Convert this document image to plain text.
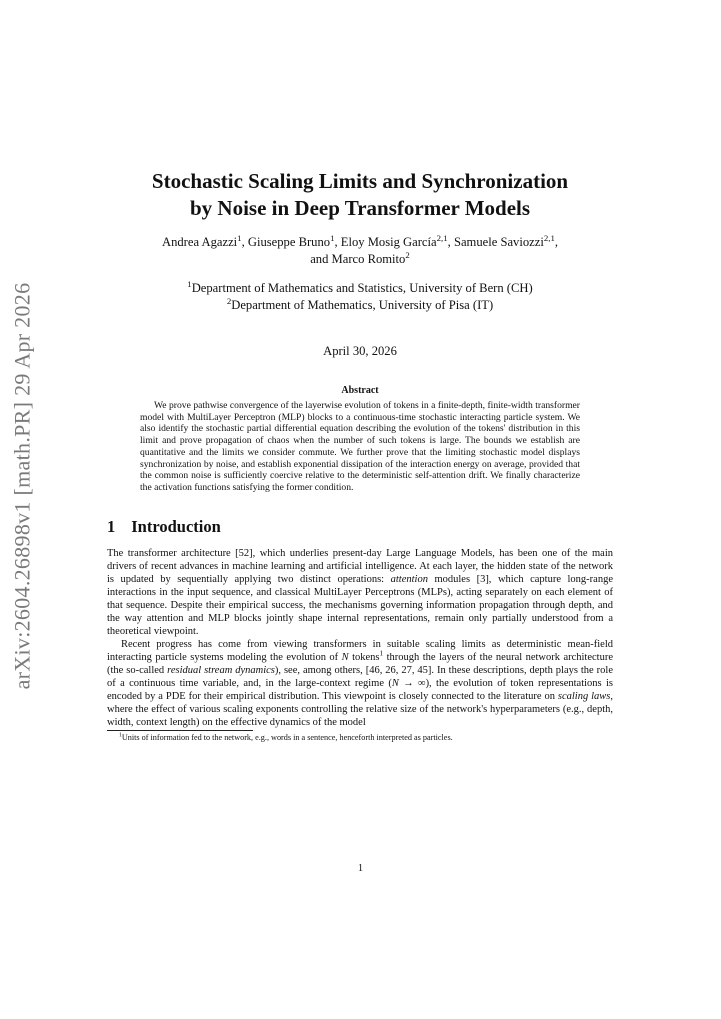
arXiv:2604.26898v1 [math.PR] 29 Apr 2026
Stochastic Scaling Limits and Synchronization
by Noise in Deep Transformer Models
Andrea Agazzi$^1$, Giuseppe Bruno$^1$, Eloy Mosig García$^{2,1}$, Samuele Saviozzi$^{2,1}$,
and Marco Romito$^2$
$^1$Department of Mathematics and Statistics, University of Bern (CH)
$^2$Department of Mathematics, University of Pisa (IT)
April 30, 2026
Abstract

We prove pathwise convergence of the layerwise evolution of tokens in a finite-depth, finite-width transformer model with MultiLayer Perceptron (MLP) blocks to a continuous-time stochastic interacting particle system. We also identify the stochastic partial differential equation describing the evolution of the tokens' distribution in this limit and prove propagation of chaos when the number of such tokens is large. The bounds we establish are quantitative and the limits we consider commute. We further prove that the limiting stochastic model displays synchronization by noise, and establish exponential dissipation of the interaction energy on average, provided that the common noise is sufficiently coercive relative to the deterministic self-attention drift. We finally characterize the activation functions satisfying the former condition.

1 Introduction

The transformer architecture [52], which underlies present-day Large Language Models, has been one of the main drivers of recent advances in machine learning and artificial intelligence. At each layer, the hidden state of the network is updated by sequentially applying two distinct operations: attention modules [3], which capture long-range interactions in the input sequence, and classical MultiLayer Perceptrons (MLPs), acting separately on each element of that sequence. Despite their empirical success, the mechanisms governing information propagation through depth, and the way attention and MLP blocks jointly shape internal representations, remain only partially understood from a theoretical viewpoint.

Recent progress has come from viewing transformers in suitable scaling limits as deterministic mean-field interacting particle systems modeling the evolution of N tokens$^1$ through the layers of the neural network architecture (the so-called residual stream dynamics), see, among others, [46, 26, 27, 45]. In these descriptions, depth plays the role of a continuous time variable, and, in the large-context regime (N → ∞), the evolution of token representations is encoded by a PDE for their empirical distribution. This viewpoint is closely connected to the literature on scaling laws, where the effect of various scaling exponents controlling the relative size of the network's hyperparameters (e.g., depth, width, context length) on the effective dynamics of the model

$^1$Units of information fed to the network, e.g., words in a sentence, henceforth interpreted as particles.
1
